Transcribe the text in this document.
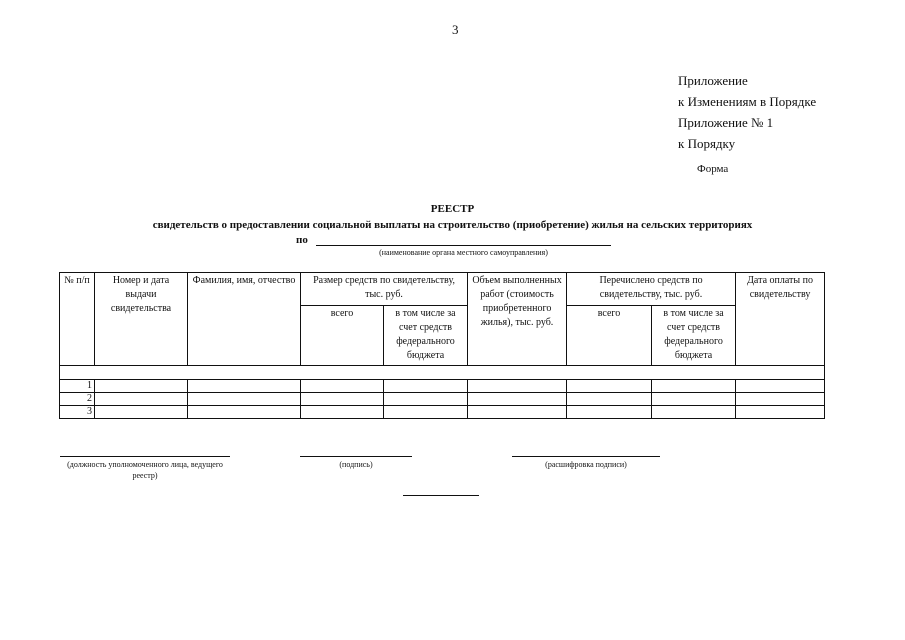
3
Приложение
к Изменениям в Порядке
Приложение № 1
к Порядку
Форма
РЕЕСТР
свидетельств о предоставлении социальной выплаты на строительство (приобретение) жилья на сельских территориях
по
(наименование органа местного самоуправления)
№ п/п	Номер и дата выдачи свидетельства	Фамилия, имя, отчество	Размер средств по свидетельству, тыс. руб.		Объем выполненных работ (стоимость приобретенного жилья), тыс. руб.	Перечислено средств по свидетельству, тыс. руб.		Дата оплаты по свидетельству
			всего	в том числе за счет средств федерального бюджета		всего	в том числе за счет средств федерального бюджета	

1								
2								
3								
(должность уполномоченного лица, ведущего реестр)
(подпись)	(расшифровка подписи)
